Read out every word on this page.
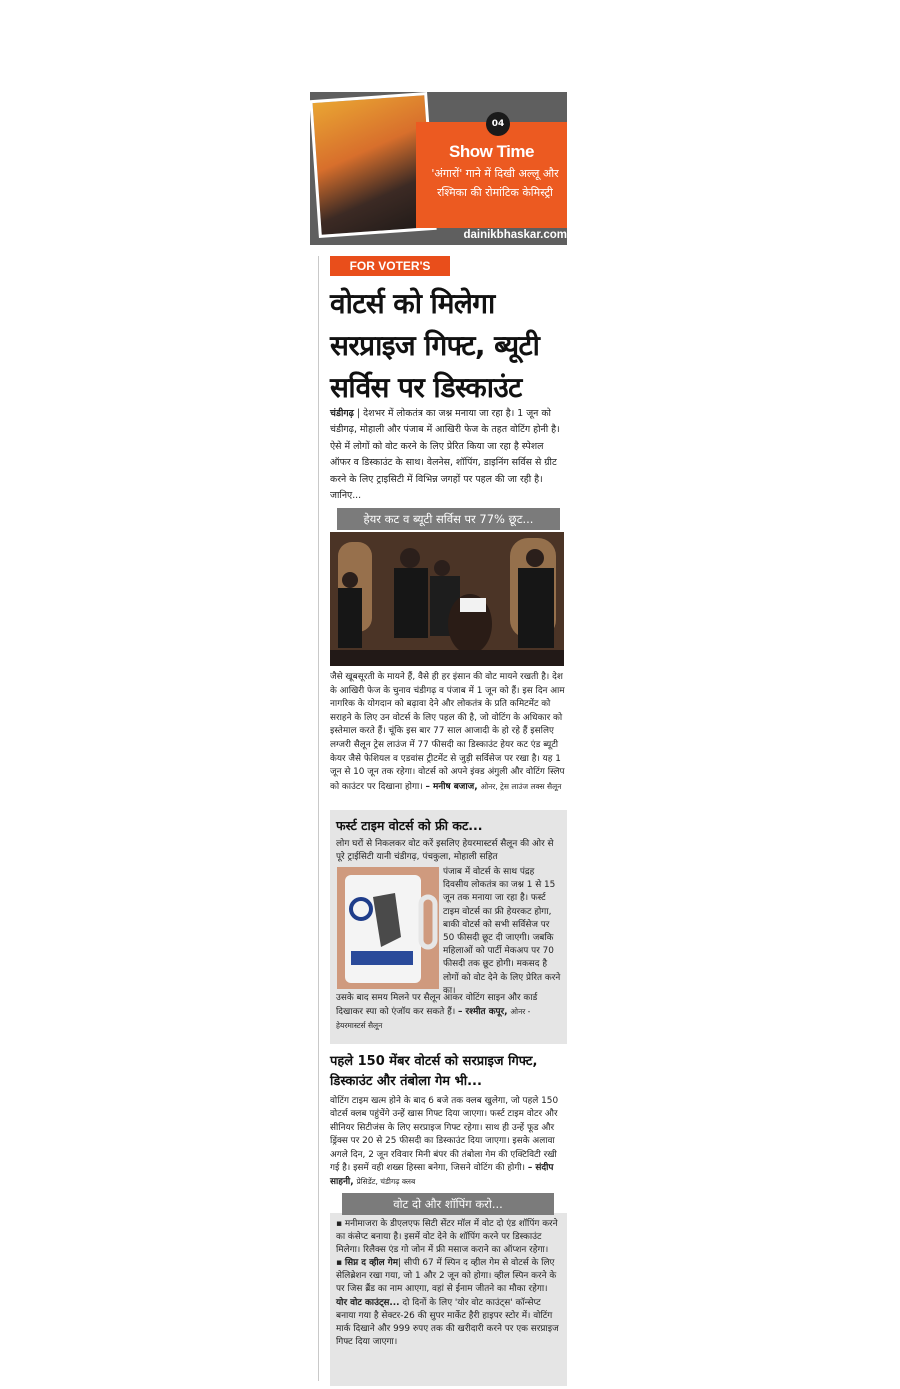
04
Show Time
'अंगारों' गाने में दिखी अल्लू और रश्मिका की रोमांटिक केमिस्ट्री
dainikbhaskar.com
FOR VOTER'S
वोटर्स को मिलेगा सरप्राइज गिफ्ट, ब्यूटी सर्विस पर डिस्काउंट
चंडीगढ़ | देशभर में लोकतंत्र का जश्न मनाया जा रहा है। 1 जून को चंडीगढ़, मोहाली और पंजाब में आखिरी फेज के तहत वोटिंग होनी है। ऐसे में लोगों को वोट करने के लिए प्रेरित किया जा रहा है स्पेशल ऑफर व डिस्काउंट के साथ। वेलनेस, शॉपिंग, डाइनिंग सर्विस से ग्रीट करने के लिए ट्राइसिटी में विभिन्न जगहों पर पहल की जा रही है। जानिए...
हेयर कट व ब्यूटी सर्विस पर 77% छूट...
जैसे खूबसूरती के मायने हैं, वैसे ही हर इंसान की वोट मायने रखती है। देश के आखिरी फेज के चुनाव चंडीगढ़ व पंजाब में 1 जून को हैं। इस दिन आम नागरिक के योगदान को बढ़ावा देने और लोकतंत्र के प्रति कमिटमेंट को सराहने के लिए उन वोटर्स के लिए पहल की है, जो वोटिंग के अधिकार को इस्तेमाल करते हैं। चूंकि इस बार 77 साल आजादी के हो रहे हैं इसलिए लग्जरी सैलून ट्रेस लाउंज में 77 फीसदी का डिस्काउंट हेयर कट एंड ब्यूटी केयर जैसे फेशियल व एडवांस ट्रीटमेंट से जुड़ी सर्विसेज पर रखा है। यह 1 जून से 10 जून तक रहेगा। वोटर्स को अपने इंक्ड अंगुली और वोटिंग स्लिप को काउंटर पर दिखाना होगा। – मनीष बजाज, ओनर, ट्रेस लाउंज लक्स सैलून
फर्स्ट टाइम वोटर्स को फ्री कट...
लोग घरों से निकलकर वोट करें इसलिए हेयरमास्टर्स सैलून की ओर से पूरे ट्राईसिटी यानी चंडीगढ़, पंचकुला, मोहाली सहित
पंजाब में वोटर्स के साथ पंद्रह दिवसीय लोकतंत्र का जश्न 1 से 15 जून तक मनाया जा रहा है। फर्स्ट टाइम वोटर्स का फ्री हेयरकट होगा, बाकी वोटर्स को सभी सर्विसेज पर 50 फीसदी छूट दी जाएगी। जबकि महिलाओं को पार्टी मेकअप पर 70 फीसदी तक छूट होगी। मकसद है लोगों को वोट देने के लिए प्रेरित करने का।
उसके बाद समय मिलने पर सैलून आकर वोटिंग साइन और कार्ड दिखाकर स्पा को एंजॉय कर सकते हैं। – रश्मीत कपूर, ओनर - हेयरमास्टर्स सैलून
पहले 150 मेंबर वोटर्स को सरप्राइज गिफ्ट, डिस्काउंट और तंबोला गेम भी...
वोटिंग टाइम खत्म होने के बाद 6 बजे तक क्लब खुलेगा, जो पहले 150 वोटर्स क्लब पहुंचेंगे उन्हें खास गिफ्ट दिया जाएगा। फर्स्ट टाइम वोटर और सीनियर सिटीजंस के लिए सरप्राइज गिफ्ट रहेगा। साथ ही उन्हें फूड और ड्रिंक्स पर 20 से 25 फीसदी का डिस्काउंट दिया जाएगा। इसके अलावा अगले दिन, 2 जून रविवार मिनी बंपर की तंबोला गेम की एक्टिविटी रखी गई है। इसमें वही शख्स हिस्सा बनेगा, जिसने वोटिंग की होगी। – संदीप साहनी, प्रेसिडेंट, चंडीगढ़ क्लब
वोट दो और शॉपिंग करो...
▪ मनीमाजरा के डीएलएफ सिटी सेंटर मॉल में वोट दो एंड शॉपिंग करने का कंसेप्ट बनाया है। इसमें वोट देने के शॉपिंग करने पर डिस्काउंट मिलेगा। रिलैक्स एंड गो जोन में फ्री मसाज कराने का ऑप्शन रहेगा।
▪ सिप्न द व्हील गेम| सीपी 67 में स्पिन द व्हील गेम से वोटर्स के लिए सेलिब्रेशन रखा गया, जो 1 और 2 जून को होगा। व्हील स्पिन करने के पर जिस ब्रैंड का नाम आएगा, वहां से ईनाम जीतने का मौका रहेगा।
योर वोट काउंट्स... दो दिनों के लिए 'योर वोट काउंट्स' कॉन्सेप्ट बनाया गया है सेक्टर-26 की सुपर मार्केट हैरी हाइपर स्टोर में। वोटिंग मार्क दिखाने और 999 रुपए तक की खरीदारी करने पर एक सरप्राइज गिफ्ट दिया जाएगा।
